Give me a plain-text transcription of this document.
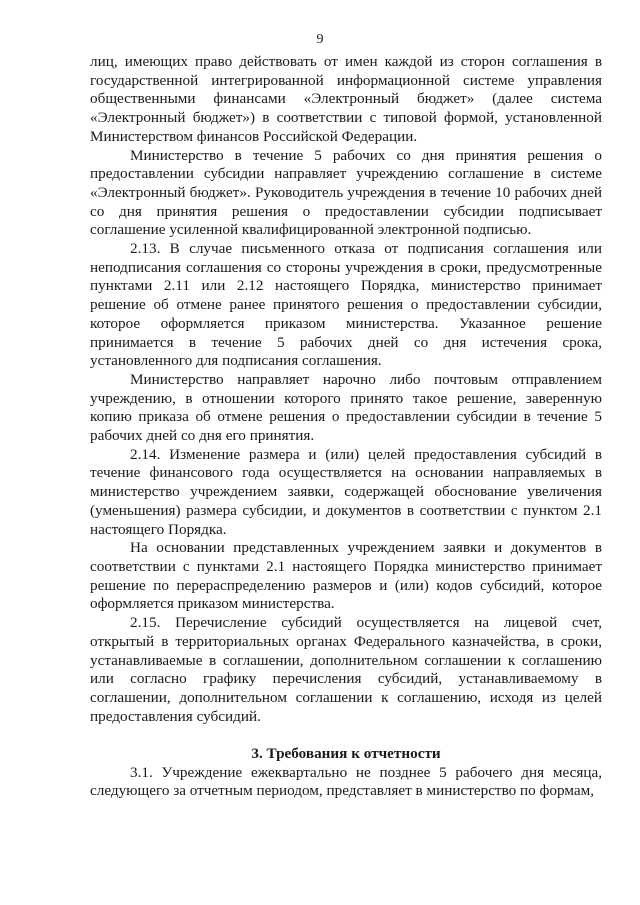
9

лиц, имеющих право действовать от имен каждой из сторон соглашения в государственной интегрированной информационной системе управления общественными финансами «Электронный бюджет» (далее система «Электронный бюджет») в соответствии с типовой формой, установленной Министерством финансов Российской Федерации.

Министерство в течение 5 рабочих со дня принятия решения о предоставлении субсидии направляет учреждению соглашение в системе «Электронный бюджет». Руководитель учреждения в течение 10 рабочих дней со дня принятия решения о предоставлении субсидии подписывает соглашение усиленной квалифицированной электронной подписью.

2.13. В случае письменного отказа от подписания соглашения или неподписания соглашения со стороны учреждения в сроки, предусмотренные пунктами 2.11 или 2.12 настоящего Порядка, министерство принимает решение об отмене ранее принятого решения о предоставлении субсидии, которое оформляется приказом министерства. Указанное решение принимается в течение 5 рабочих дней со дня истечения срока, установленного для подписания соглашения.

Министерство направляет нарочно либо почтовым отправлением учреждению, в отношении которого принято такое решение, заверенную копию приказа об отмене решения о предоставлении субсидии в течение 5 рабочих дней со дня его принятия.

2.14. Изменение размера и (или) целей предоставления субсидий в течение финансового года осуществляется на основании направляемых в министерство учреждением заявки, содержащей обоснование увеличения (уменьшения) размера субсидии, и документов в соответствии с пунктом 2.1 настоящего Порядка.

На основании представленных учреждением заявки и документов в соответствии с пунктами 2.1 настоящего Порядка министерство принимает решение по перераспределению размеров и (или) кодов субсидий, которое оформляется приказом министерства.

2.15. Перечисление субсидий осуществляется на лицевой счет, открытый в территориальных органах Федерального казначейства, в сроки, устанавливаемые в соглашении, дополнительном соглашении к соглашению или согласно графику перечисления субсидий, устанавливаемому в соглашении, дополнительном соглашении к соглашению, исходя из целей предоставления субсидий.

3. Требования к отчетности

3.1. Учреждение ежеквартально не позднее 5 рабочего дня месяца, следующего за отчетным периодом, представляет в министерство по формам,
